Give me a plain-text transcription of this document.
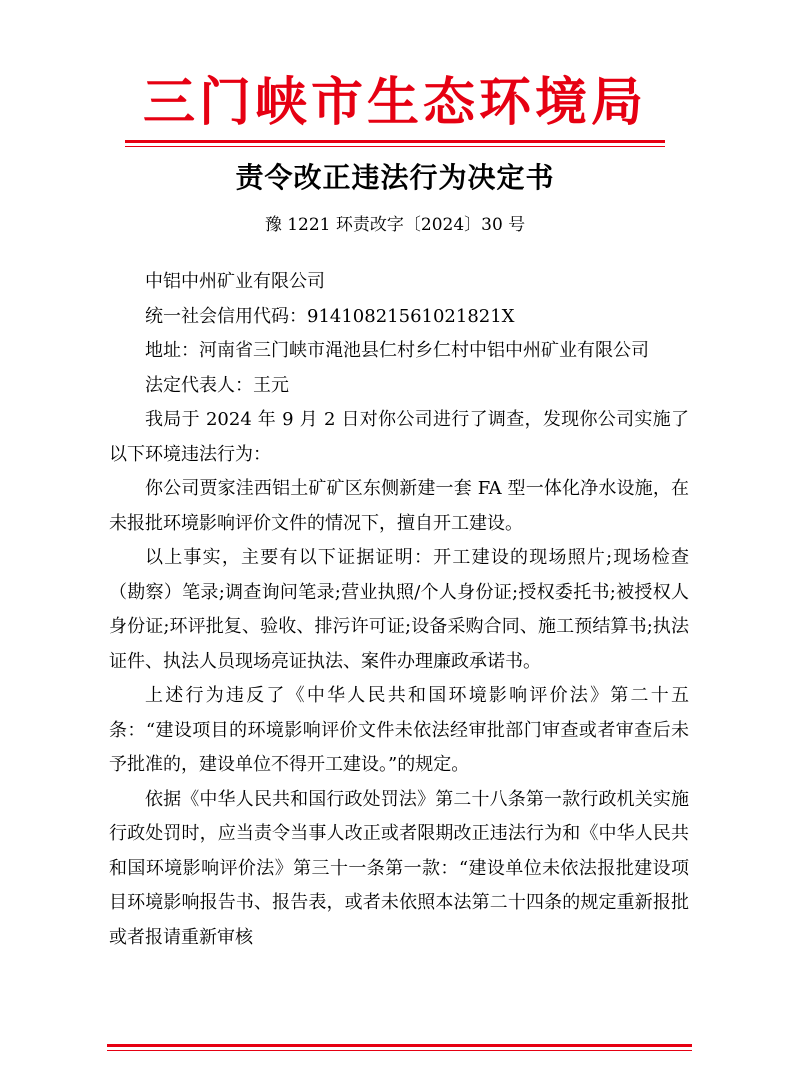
三门峡市生态环境局
责令改正违法行为决定书
豫 1221 环责改字〔2024〕30 号

中铝中州矿业有限公司

统一社会信用代码：91410821561021821X

地址：河南省三门峡市渑池县仁村乡仁村中铝中州矿业有限公司

法定代表人：王元

我局于 2024 年 9 月 2 日对你公司进行了调查，发现你公司实施了以下环境违法行为：

你公司贾家洼西铝土矿矿区东侧新建一套 FA 型一体化净水设施，在未报批环境影响评价文件的情况下，擅自开工建设。

以上事实，主要有以下证据证明：开工建设的现场照片;现场检查（勘察）笔录;调查询问笔录;营业执照/个人身份证;授权委托书;被授权人身份证;环评批复、验收、排污许可证;设备采购合同、施工预结算书;执法证件、执法人员现场亮证执法、案件办理廉政承诺书。

上述行为违反了《中华人民共和国环境影响评价法》第二十五条：“建设项目的环境影响评价文件未依法经审批部门审查或者审查后未予批准的，建设单位不得开工建设。”的规定。

依据《中华人民共和国行政处罚法》第二十八条第一款行政机关实施行政处罚时，应当责令当事人改正或者限期改正违法行为和《中华人民共和国环境影响评价法》第三十一条第一款：“建设单位未依法报批建设项目环境影响报告书、报告表，或者未依照本法第二十四条的规定重新报批或者报请重新审核
